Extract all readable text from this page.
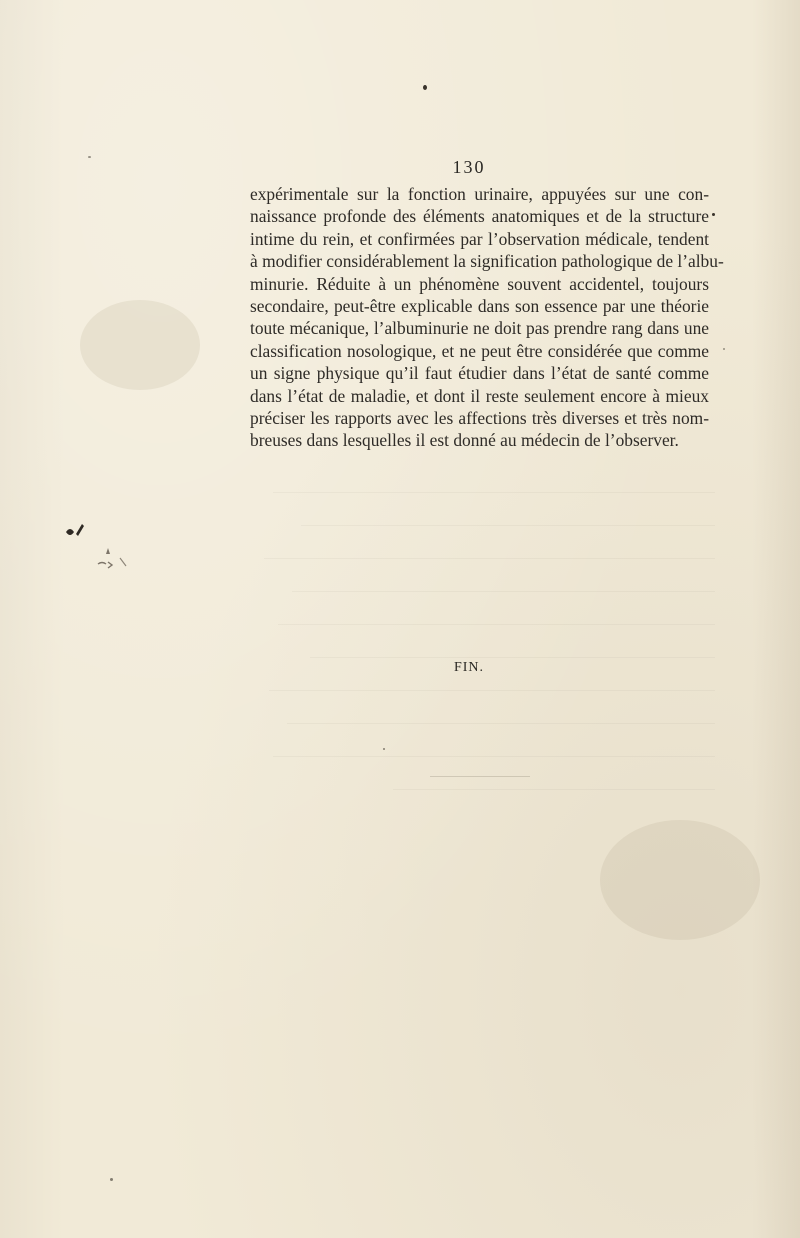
130
expérimentale sur la fonction urinaire, appuyées sur une con-
naissance profonde des éléments anatomiques et de la structure
intime du rein, et confirmées par l’observation médicale, tendent
à modifier considérablement la signification pathologique de l’albu-
minurie. Réduite à un phénomène souvent accidentel, toujours
secondaire, peut-être explicable dans son essence par une théorie
toute mécanique, l’albuminurie ne doit pas prendre rang dans une
classification nosologique, et ne peut être considérée que comme
un signe physique qu’il faut étudier dans l’état de santé comme
dans l’état de maladie, et dont il reste seulement encore à mieux
préciser les rapports avec les affections très diverses et très nom-
breuses dans lesquelles il est donné au médecin de l’observer.
FIN.
